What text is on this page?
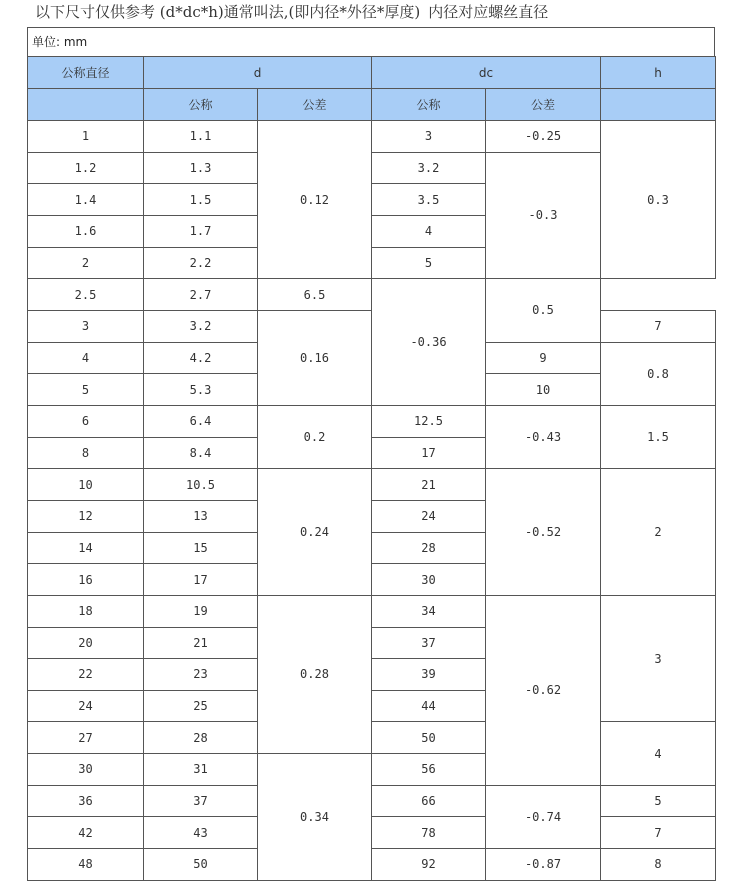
以下尺寸仅供参考 (d*dc*h)通常叫法,(即内径*外径*厚度) 内径对应螺丝直径
单位: mm
公称直径	d		dc		h
	公称	公差	公称	公差	
1	1.1	0.12	3	-0.25	0.3
1.2	1.3		3.2	-0.3	
1.4	1.5		3.5		
1.6	1.7		4		
2	2.2		5		
2.5	2.7	6.5	-0.36	0.5	
3	3.2	0.16			7
4	4.2			9	0.8
5	5.3			10	
6	6.4	0.2	12.5	-0.43	1.5
8	8.4		17		
10	10.5	0.24	21	-0.52	2
12	13		24		
14	15		28		
16	17		30		
18	19	0.28	34	-0.62	3
20	21		37		
22	23		39		
24	25		44		
27	28		50		4
30	31	0.34	56		
36	37		66	-0.74	5
42	43		78		7
48	50		92	-0.87	8
